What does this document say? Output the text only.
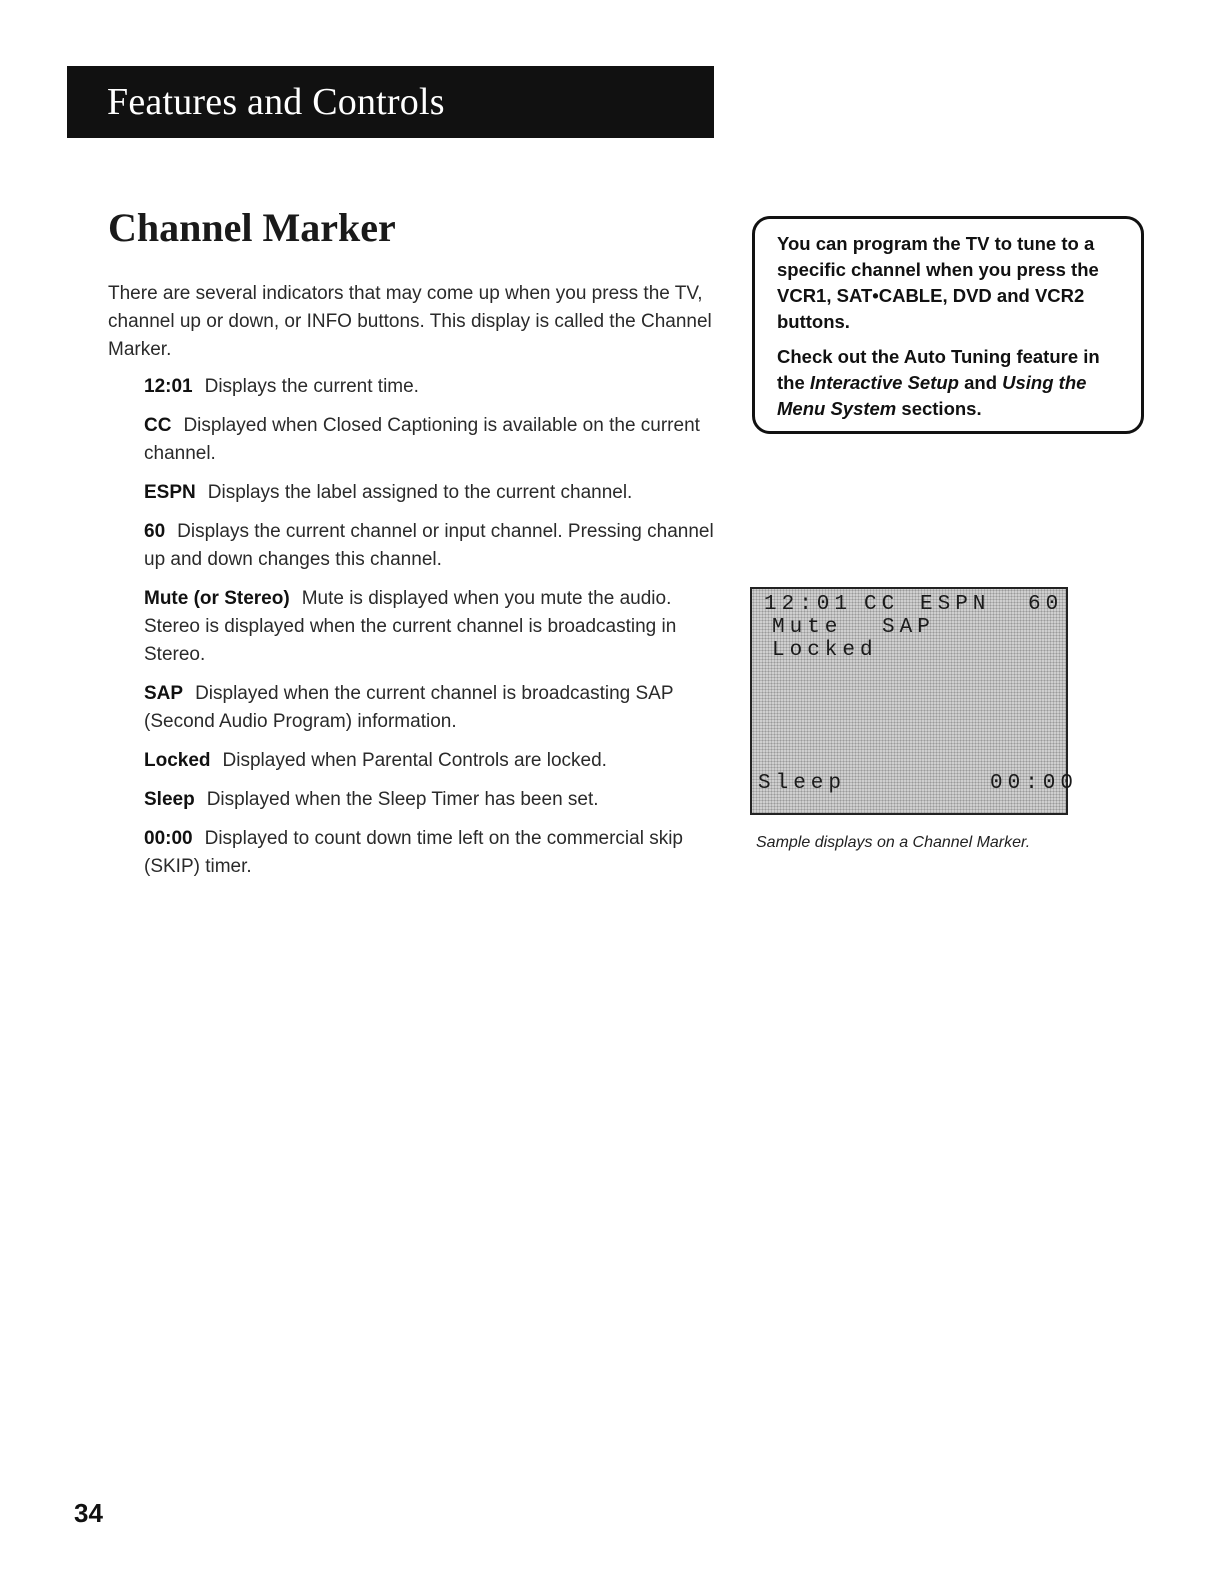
Features and Controls
Channel Marker

There are several indicators that may come up when you press the TV, channel up or down, or INFO buttons. This display is called the Channel Marker.

12:01 Displays the current time.

CC Displayed when Closed Captioning is available on the current channel.

ESPN Displays the label assigned to the current channel.

60 Displays the current channel or input channel. Pressing channel up and down changes this channel.

Mute (or Stereo) Mute is displayed when you mute the audio. Stereo is displayed when the current channel is broadcasting in Stereo.

SAP Displayed when the current channel is broadcasting SAP (Second Audio Program) information.

Locked Displayed when Parental Controls are locked.

Sleep Displayed when the Sleep Timer has been set.

00:00 Displayed to count down time left on the commercial skip (SKIP) timer.

You can program the TV to tune to a specific channel when you press the VCR1, SAT•CABLE, DVD and VCR2 buttons.

Check out the Auto Tuning feature in the Interactive Setup and Using the Menu System sections.

12:01 CC ESPN 60
Mute SAP
Locked
Sleep	00:00

Sample displays on a Channel Marker.

34
